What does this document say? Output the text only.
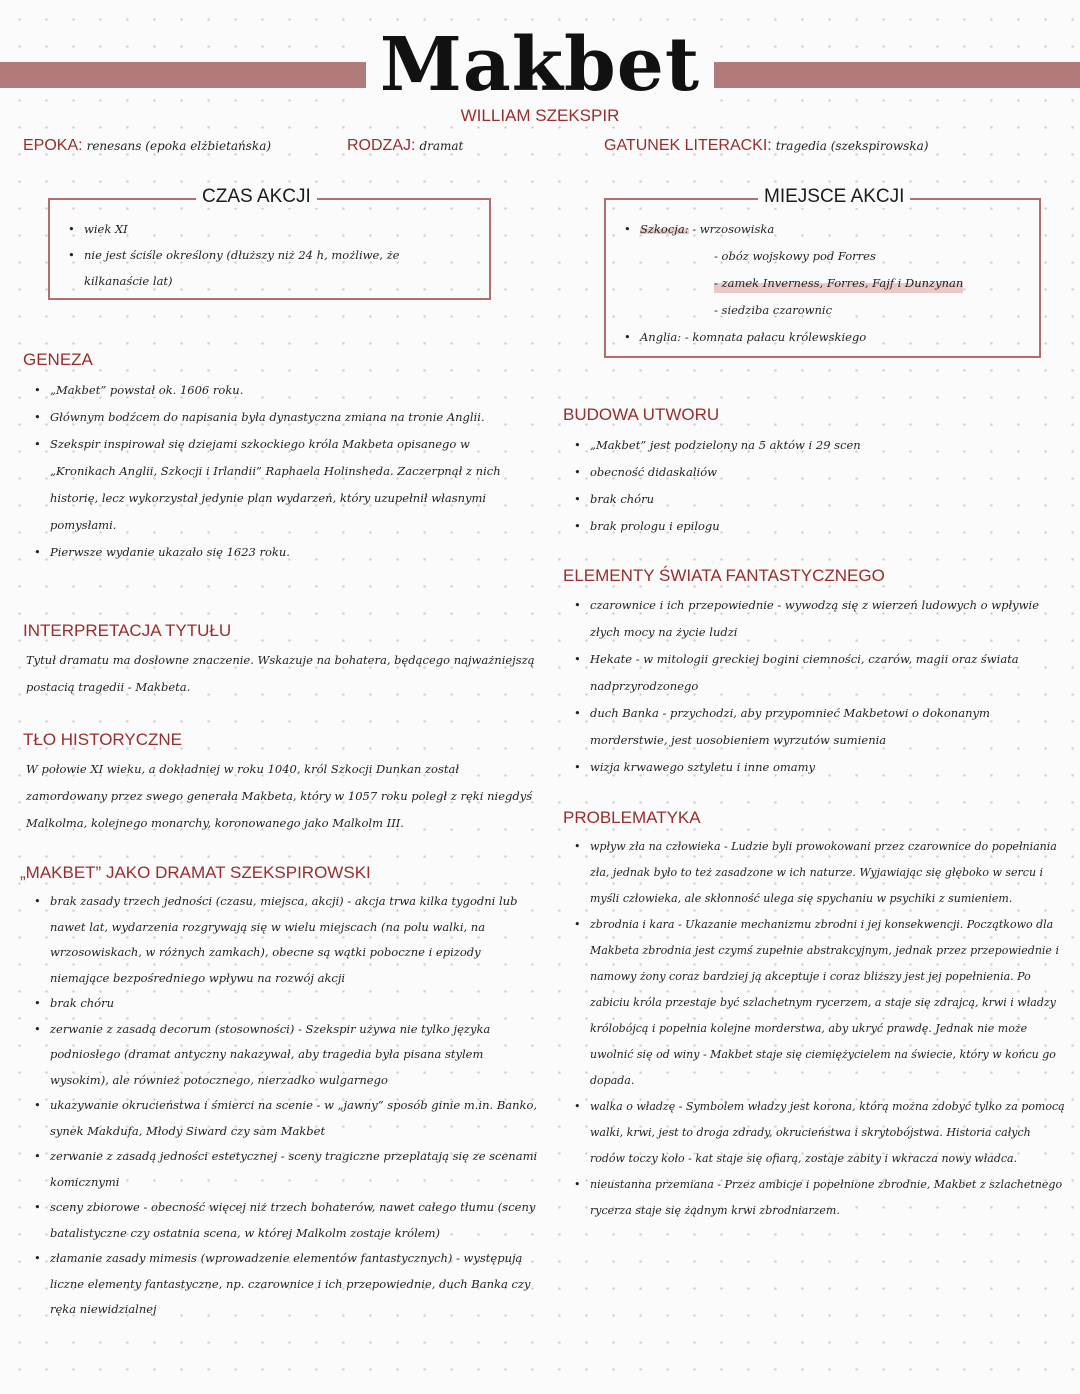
Makbet
WILLIAM SZEKSPIR
EPOKA: renesans (epoka elżbietańska)	RODZAJ: dramat	GATUNEK LITERACKI: tragedia (szekspirowska)
CZAS AKCJI
• wiek XI
• nie jest ściśle określony (dłuższy niż 24 h, możliwe, że kilkanaście lat)
MIEJSCE AKCJI
• Szkocja: - wrzosowiska
- obóz wojskowy pod Forres
- zamek Inverness, Forres, Fajf i Dunzynan
- siedziba czarownic
• Anglia: - komnata pałacu królewskiego
GENEZA
• „Makbet” powstał ok. 1606 roku.
• Głównym bodźcem do napisania była dynastyczna zmiana na tronie Anglii.
• Szekspir inspirował się dziejami szkockiego króla Makbeta opisanego w „Kronikach Anglii, Szkocji i Irlandii” Raphaela Holinsheda. Zaczerpnął z nich historię, lecz wykorzystał jedynie plan wydarzeń, który uzupełnił własnymi pomysłami.
• Pierwsze wydanie ukazało się 1623 roku.
INTERPRETACJA TYTUŁU
Tytuł dramatu ma dosłowne znaczenie. Wskazuje na bohatera, będącego najważniejszą postacią tragedii - Makbeta.
TŁO HISTORYCZNE
W połowie XI wieku, a dokładniej w roku 1040, król Szkocji Dunkan został zamordowany przez swego generała Makbeta, który w 1057 roku poległ z ręki niegdyś Malkolma, kolejnego monarchy, koronowanego jako Malkolm III.
„MAKBET” JAKO DRAMAT SZEKSPIROWSKI
• brak zasady trzech jedności (czasu, miejsca, akcji) - akcja trwa kilka tygodni lub nawet lat, wydarzenia rozgrywają się w wielu miejscach (na polu walki, na wrzosowiskach, w różnych zamkach), obecne są wątki poboczne i epizody niemające bezpośredniego wpływu na rozwój akcji
• brak chóru
• zerwanie z zasadą decorum (stosowności) - Szekspir używa nie tylko języka podniosłego (dramat antyczny nakazywał, aby tragedia była pisana stylem wysokim), ale również potocznego, nierzadko wulgarnego
• ukazywanie okrucieństwa i śmierci na scenie - w „jawny” sposób ginie m.in. Banko, synek Makdufa, Młody Siward czy sam Makbet
• zerwanie z zasadą jedności estetycznej - sceny tragiczne przeplatają się ze scenami komicznymi
• sceny zbiorowe - obecność więcej niż trzech bohaterów, nawet całego tłumu (sceny batalistyczne czy ostatnia scena, w której Malkolm zostaje królem)
• złamanie zasady mimesis (wprowadzenie elementów fantastycznych) - występują liczne elementy fantastyczne, np. czarownice i ich przepowiednie, duch Banka czy ręka niewidzialnej
BUDOWA UTWORU
• „Makbet” jest podzielony na 5 aktów i 29 scen
• obecność didaskaliów
• brak chóru
• brak prologu i epilogu
ELEMENTY ŚWIATA FANTASTYCZNEGO
• czarownice i ich przepowiednie - wywodzą się z wierzeń ludowych o wpływie złych mocy na życie ludzi
• Hekate - w mitologii greckiej bogini ciemności, czarów, magii oraz świata nadprzyrodzonego
• duch Banka - przychodzi, aby przypomnieć Makbetowi o dokonanym morderstwie, jest uosobieniem wyrzutów sumienia
• wizja krwawego sztyletu i inne omamy
PROBLEMATYKA
• wpływ zła na człowieka - Ludzie byli prowokowani przez czarownice do popełniania zła, jednak było to też zasadzone w ich naturze. Wyjawiając się głęboko w sercu i myśli człowieka, ale skłonność ulega się spychaniu w psychiki z sumieniem.
• zbrodnia i kara - Ukazanie mechanizmu zbrodni i jej konsekwencji. Początkowo dla Makbeta zbrodnia jest czymś zupełnie abstrakcyjnym, jednak przez przepowiednie i namowy żony coraz bardziej ją akceptuje i coraz bliższy jest jej popełnienia. Po zabiciu króla przestaje być szlachetnym rycerzem, a staje się zdrajcą, krwi i władzy królobójcą i popełnia kolejne morderstwa, aby ukryć prawdę. Jednak nie może uwolnić się od winy - Makbet staje się ciemiężycielem na świecie, który w końcu go dopada.
• walka o władzę - Symbolem władzy jest korona, którą można zdobyć tylko za pomocą walki, krwi, jest to droga zdrady, okrucieństwa i skrytobójstwa. Historia całych rodów toczy koło - kat staje się ofiarą, zostaje zabity i wkracza nowy władca.
• nieustanna przemiana - Przez ambicje i popełnione zbrodnie, Makbet z szlachetnego rycerza staje się żądnym krwi zbrodniarzem.
